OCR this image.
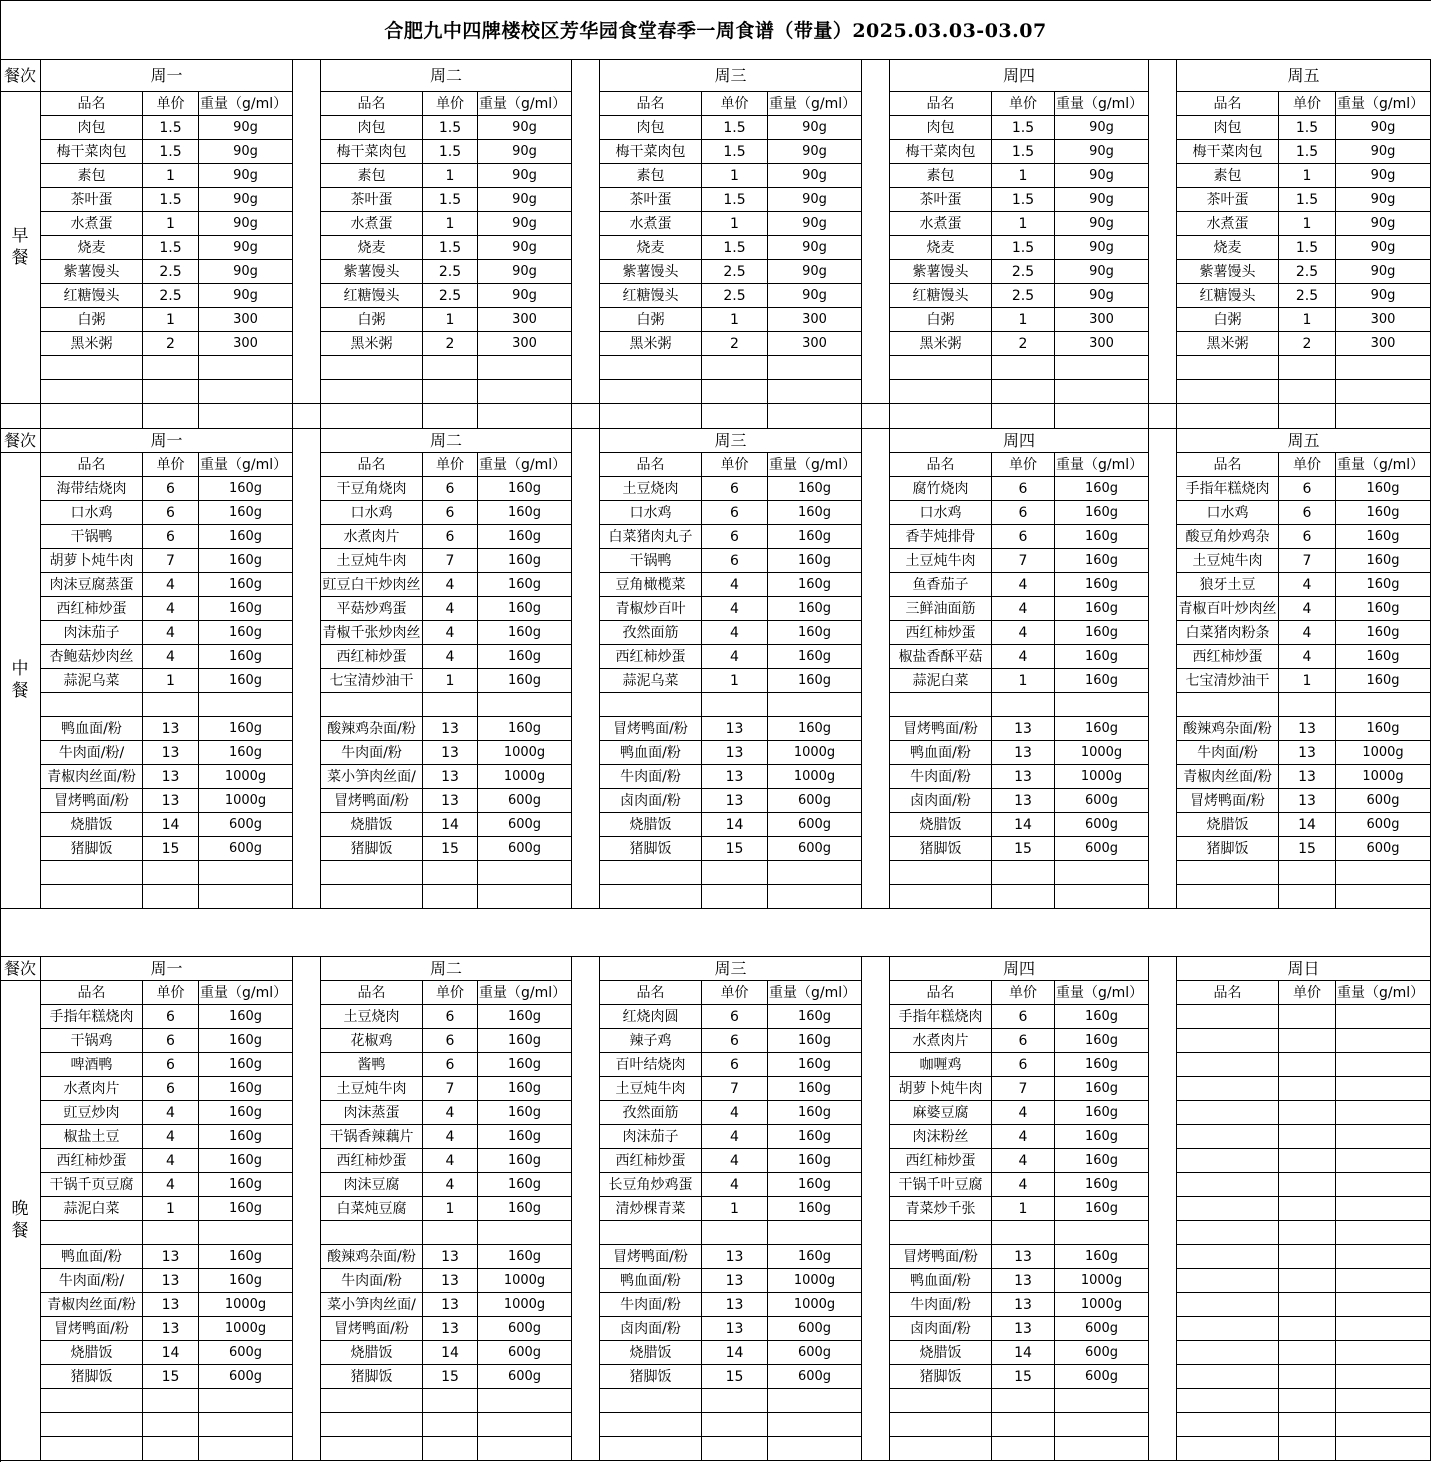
合肥九中四牌楼校区芳华园食堂春季一周食谱（带量）2025.03.03-03.07
餐次
早
餐
周一	周二	周三	周四	周五
品名	单价	重量（g/ml）	品名	单价	重量（g/ml）	品名	单价	重量（g/ml）	品名	单价	重量（g/ml）	品名	单价	重量（g/ml）
肉包	1.5	90g	肉包	1.5	90g	肉包	1.5	90g	肉包	1.5	90g	肉包	1.5	90g
梅干菜肉包	1.5	90g	梅干菜肉包	1.5	90g	梅干菜肉包	1.5	90g	梅干菜肉包	1.5	90g	梅干菜肉包	1.5	90g
素包	1	90g	素包	1	90g	素包	1	90g	素包	1	90g	素包	1	90g
茶叶蛋	1.5	90g	茶叶蛋	1.5	90g	茶叶蛋	1.5	90g	茶叶蛋	1.5	90g	茶叶蛋	1.5	90g
水煮蛋	1	90g	水煮蛋	1	90g	水煮蛋	1	90g	水煮蛋	1	90g	水煮蛋	1	90g
烧麦	1.5	90g	烧麦	1.5	90g	烧麦	1.5	90g	烧麦	1.5	90g	烧麦	1.5	90g
紫薯馒头	2.5	90g	紫薯馒头	2.5	90g	紫薯馒头	2.5	90g	紫薯馒头	2.5	90g	紫薯馒头	2.5	90g
红糖馒头	2.5	90g	红糖馒头	2.5	90g	红糖馒头	2.5	90g	红糖馒头	2.5	90g	红糖馒头	2.5	90g
白粥	1	300	白粥	1	300	白粥	1	300	白粥	1	300	白粥	1	300
黑米粥	2	300	黑米粥	2	300	黑米粥	2	300	黑米粥	2	300	黑米粥	2	300
餐次
中
餐
周一	周二	周三	周四	周五
品名	单价	重量（g/ml）	品名	单价	重量（g/ml）	品名	单价	重量（g/ml）	品名	单价	重量（g/ml）	品名	单价	重量（g/ml）
海带结烧肉	6	160g	干豆角烧肉	6	160g	土豆烧肉	6	160g	腐竹烧肉	6	160g	手指年糕烧肉	6	160g
口水鸡	6	160g	口水鸡	6	160g	口水鸡	6	160g	口水鸡	6	160g	口水鸡	6	160g
干锅鸭	6	160g	水煮肉片	6	160g	白菜猪肉丸子	6	160g	香芋炖排骨	6	160g	酸豆角炒鸡杂	6	160g
胡萝卜炖牛肉	7	160g	土豆炖牛肉	7	160g	干锅鸭	6	160g	土豆炖牛肉	7	160g	土豆炖牛肉	7	160g
肉沫豆腐蒸蛋	4	160g	豇豆白干炒肉丝	4	160g	豆角橄榄菜	4	160g	鱼香茄子	4	160g	狼牙土豆	4	160g
西红柿炒蛋	4	160g	平菇炒鸡蛋	4	160g	青椒炒百叶	4	160g	三鲜油面筋	4	160g	青椒百叶炒肉丝	4	160g
肉沫茄子	4	160g	青椒千张炒肉丝	4	160g	孜然面筋	4	160g	西红柿炒蛋	4	160g	白菜猪肉粉条	4	160g
杏鲍菇炒肉丝	4	160g	西红柿炒蛋	4	160g	西红柿炒蛋	4	160g	椒盐香酥平菇	4	160g	西红柿炒蛋	4	160g
蒜泥乌菜	1	160g	七宝清炒油干	1	160g	蒜泥乌菜	1	160g	蒜泥白菜	1	160g	七宝清炒油干	1	160g
鸭血面/粉	13	160g	酸辣鸡杂面/粉	13	160g	冒烤鸭面/粉	13	160g	冒烤鸭面/粉	13	160g	酸辣鸡杂面/粉	13	160g
牛肉面/粉/	13	160g	牛肉面/粉	13	1000g	鸭血面/粉	13	1000g	鸭血面/粉	13	1000g	牛肉面/粉	13	1000g
青椒肉丝面/粉	13	1000g	菜小笋肉丝面/	13	1000g	牛肉面/粉	13	1000g	牛肉面/粉	13	1000g	青椒肉丝面/粉	13	1000g
冒烤鸭面/粉	13	1000g	冒烤鸭面/粉	13	600g	卤肉面/粉	13	600g	卤肉面/粉	13	600g	冒烤鸭面/粉	13	600g
烧腊饭	14	600g	烧腊饭	14	600g	烧腊饭	14	600g	烧腊饭	14	600g	烧腊饭	14	600g
猪脚饭	15	600g	猪脚饭	15	600g	猪脚饭	15	600g	猪脚饭	15	600g	猪脚饭	15	600g
餐次
晚
餐
周一	周二	周三	周四	周日
品名	单价	重量（g/ml）	品名	单价	重量（g/ml）	品名	单价	重量（g/ml）	品名	单价	重量（g/ml）	品名	单价	重量（g/ml）
手指年糕烧肉	6	160g	土豆烧肉	6	160g	红烧肉圆	6	160g	手指年糕烧肉	6	160g
干锅鸡	6	160g	花椒鸡	6	160g	辣子鸡	6	160g	水煮肉片	6	160g
啤酒鸭	6	160g	酱鸭	6	160g	百叶结烧肉	6	160g	咖喱鸡	6	160g
水煮肉片	6	160g	土豆炖牛肉	7	160g	土豆炖牛肉	7	160g	胡萝卜炖牛肉	7	160g
豇豆炒肉	4	160g	肉沫蒸蛋	4	160g	孜然面筋	4	160g	麻婆豆腐	4	160g
椒盐土豆	4	160g	干锅香辣藕片	4	160g	肉沫茄子	4	160g	肉沫粉丝	4	160g
西红柿炒蛋	4	160g	西红柿炒蛋	4	160g	西红柿炒蛋	4	160g	西红柿炒蛋	4	160g
干锅千页豆腐	4	160g	肉沫豆腐	4	160g	长豆角炒鸡蛋	4	160g	干锅千叶豆腐	4	160g
蒜泥白菜	1	160g	白菜炖豆腐	1	160g	清炒棵青菜	1	160g	青菜炒千张	1	160g
鸭血面/粉	13	160g	酸辣鸡杂面/粉	13	160g	冒烤鸭面/粉	13	160g	冒烤鸭面/粉	13	160g
牛肉面/粉/	13	160g	牛肉面/粉	13	1000g	鸭血面/粉	13	1000g	鸭血面/粉	13	1000g
青椒肉丝面/粉	13	1000g	菜小笋肉丝面/	13	1000g	牛肉面/粉	13	1000g	牛肉面/粉	13	1000g
冒烤鸭面/粉	13	1000g	冒烤鸭面/粉	13	600g	卤肉面/粉	13	600g	卤肉面/粉	13	600g
烧腊饭	14	600g	烧腊饭	14	600g	烧腊饭	14	600g	烧腊饭	14	600g
猪脚饭	15	600g	猪脚饭	15	600g	猪脚饭	15	600g	猪脚饭	15	600g
